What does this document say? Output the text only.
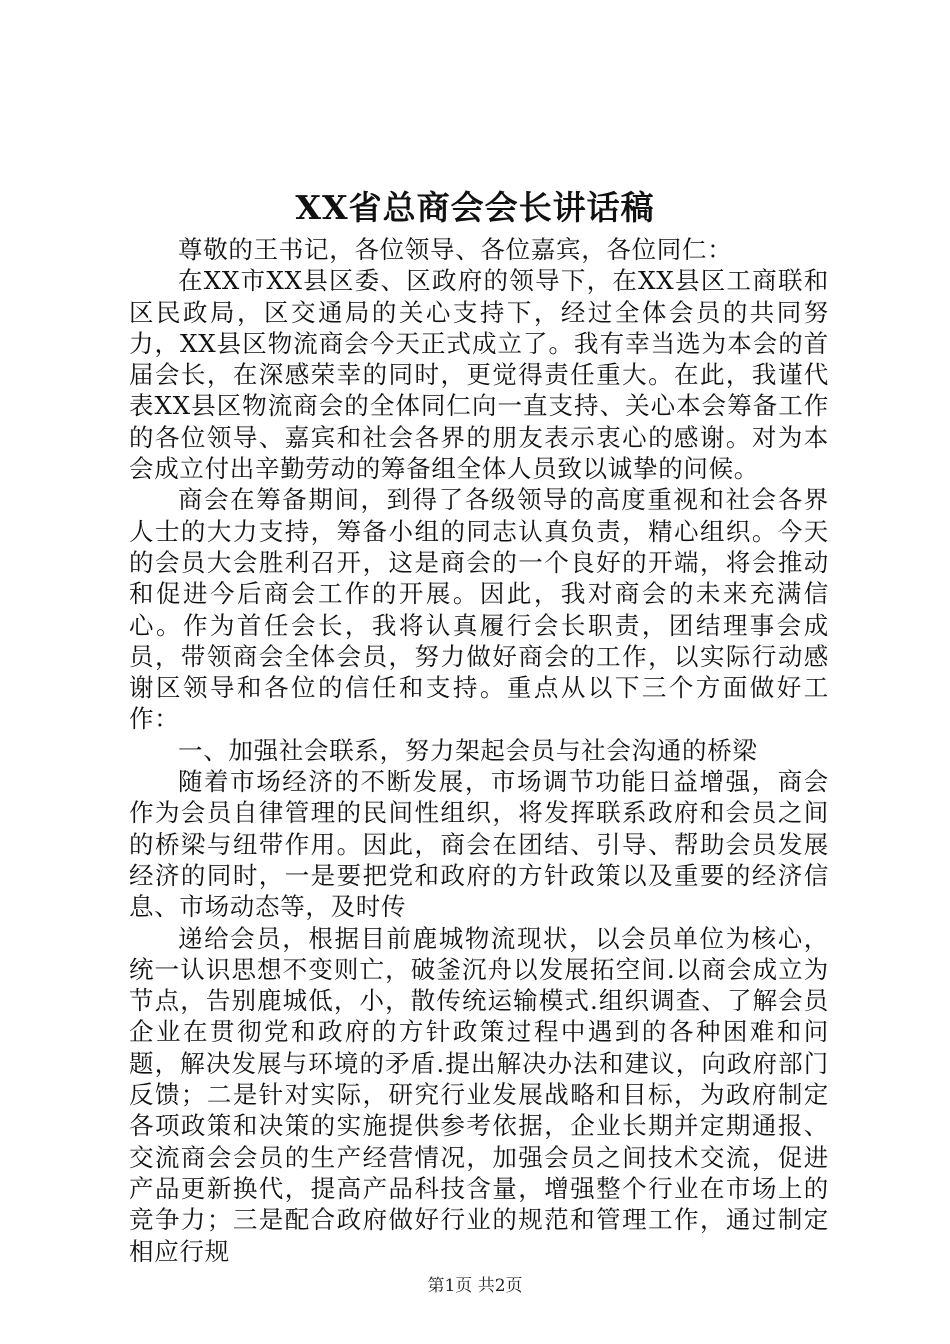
XX省总商会会长讲话稿

尊敬的王书记，各位领导、各位嘉宾，各位同仁：

在XX市XX县区委、区政府的领导下，在XX县区工商联和区民政局，区交通局的关心支持下，经过全体会员的共同努力，XX县区物流商会今天正式成立了。我有幸当选为本会的首届会长，在深感荣幸的同时，更觉得责任重大。在此，我谨代表XX县区物流商会的全体同仁向一直支持、关心本会筹备工作的各位领导、嘉宾和社会各界的朋友表示衷心的感谢。对为本会成立付出辛勤劳动的筹备组全体人员致以诚挚的问候。

商会在筹备期间，到得了各级领导的高度重视和社会各界人士的大力支持，筹备小组的同志认真负责，精心组织。今天的会员大会胜利召开，这是商会的一个良好的开端，将会推动和促进今后商会工作的开展。因此，我对商会的未来充满信心。作为首任会长，我将认真履行会长职责，团结理事会成员，带领商会全体会员，努力做好商会的工作，以实际行动感谢区领导和各位的信任和支持。重点从以下三个方面做好工作：

一、加强社会联系，努力架起会员与社会沟通的桥梁

随着市场经济的不断发展，市场调节功能日益增强，商会作为会员自律管理的民间性组织，将发挥联系政府和会员之间的桥梁与纽带作用。因此，商会在团结、引导、帮助会员发展经济的同时，一是要把党和政府的方针政策以及重要的经济信息、市场动态等，及时传

递给会员，根据目前鹿城物流现状，以会员单位为核心，统一认识思想不变则亡，破釜沉舟以发展拓空间.以商会成立为节点，告别鹿城低，小，散传统运输模式.组织调查、了解会员企业在贯彻党和政府的方针政策过程中遇到的各种困难和问题，解决发展与环境的矛盾.提出解决办法和建议，向政府部门反馈；二是针对实际，研究行业发展战略和目标，为政府制定各项政策和决策的实施提供参考依据，企业长期并定期通报、交流商会会员的生产经营情况，加强会员之间技术交流，促进产品更新换代，提高产品科技含量，增强整个行业在市场上的竞争力；三是配合政府做好行业的规范和管理工作，通过制定相应行规

第1页 共2页
